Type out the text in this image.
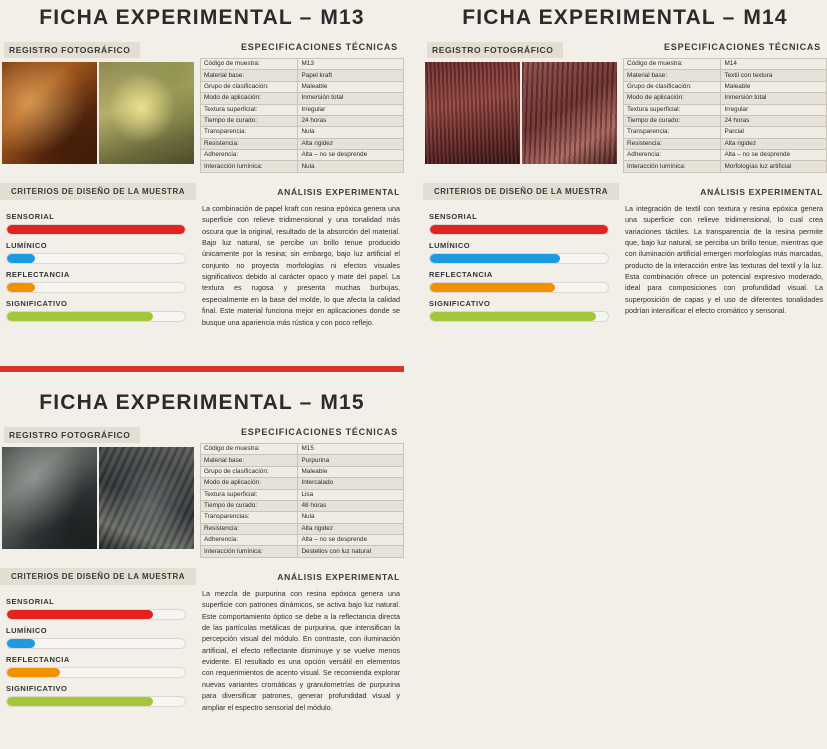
FICHA EXPERIMENTAL – M13
REGISTRO FOTOGRÁFICO	ESPECIFICACIONES TÉCNICAS
Código de muestra:	M13
Material base:	Papel kraft
Grupo de clasificación:	Maleable
Modo de aplicación:	Inmersión total
Textura superficial:	Irregular
Tiempo de curado:	24 horas
Transparencia:	Nula
Resistencia:	Alta rigidez
Adherencia:	Alta – no se desprende
Interacción lumínica:	Nula
CRITERIOS DE DISEÑO DE LA MUESTRA
SENSORIAL
LUMÍNICO
REFLECTANCIA
SIGNIFICATIVO
ANÁLISIS EXPERIMENTAL
La combinación de papel kraft con resina epóxica genera una superficie con relieve tridimensional y una tonalidad más oscura que la original, resultado de la absorción del material. Bajo luz natural, se percibe un brillo tenue producido únicamente por la resina; sin embargo, bajo luz artificial el conjunto no proyecta morfologías ni efectos visuales significativos debido al carácter opaco y mate del papel. La textura es rugosa y presenta muchas burbujas, especialmente en la base del molde, lo que afecta la calidad final. Este material funciona mejor en aplicaciones donde se busque una apariencia más rústica y con poco reflejo.
FICHA EXPERIMENTAL – M14
REGISTRO FOTOGRÁFICO	ESPECIFICACIONES TÉCNICAS
Código de muestra:	M14
Material base:	Textil con textura
Grupo de clasificación:	Maleable
Modo de aplicación:	Inmersión total
Textura superficial:	Irregular
Tiempo de curado:	24 horas
Transparencia:	Parcial
Resistencia:	Alta rigidez
Adherencia:	Alta – no se desprende
Interacción lumínica:	Morfologías luz artificial
CRITERIOS DE DISEÑO DE LA MUESTRA
SENSORIAL
LUMÍNICO
REFLECTANCIA
SIGNIFICATIVO
ANÁLISIS EXPERIMENTAL
La integración de textil con textura y resina epóxica genera una superficie con relieve tridimensional, lo cual crea variaciones táctiles. La transparencia de la resina permite que, bajo luz natural, se perciba un brillo tenue, mientras que con iluminación artificial emergen morfologías más marcadas, producto de la interacción entre las texturas del textil y la luz. Esta combinación ofrece un potencial expresivo moderado, ideal para composiciones con profundidad visual. La superposición de capas y el uso de diferentes tonalidades podrían intensificar el efecto cromático y sensorial.
FICHA EXPERIMENTAL – M15
REGISTRO FOTOGRÁFICO	ESPECIFICACIONES TÉCNICAS
Código de muestra:	M15
Material base:	Purpurina
Grupo de clasificación:	Maleable
Modo de aplicación:	Intercalado
Textura superficial:	Lisa
Tiempo de curado:	48 horas
Transparencias:	Nula
Resistencia:	Alta rigidez
Adherencia:	Alta – no se desprende
Interacción lumínica:	Destellos con luz natural
CRITERIOS DE DISEÑO DE LA MUESTRA
SENSORIAL
LUMÍNICO
REFLECTANCIA
SIGNIFICATIVO
ANÁLISIS EXPERIMENTAL
La mezcla de purpurina con resina epóxica genera una superficie con patrones dinámicos, se activa bajo luz natural. Este comportamiento óptico se debe a la reflectancia directa de las partículas metálicas de purpurina, que intensifican la percepción visual del módulo. En contraste, con iluminación artificial, el efecto reflectante disminuye y se vuelve menos evidente. El resultado es una opción versátil en elementos con requerimientos de acento visual. Se recomienda explorar nuevas variantes cromáticas y granulometrías de purpurina para diversificar patrones, generar profundidad visual y ampliar el espectro sensorial del módulo.
